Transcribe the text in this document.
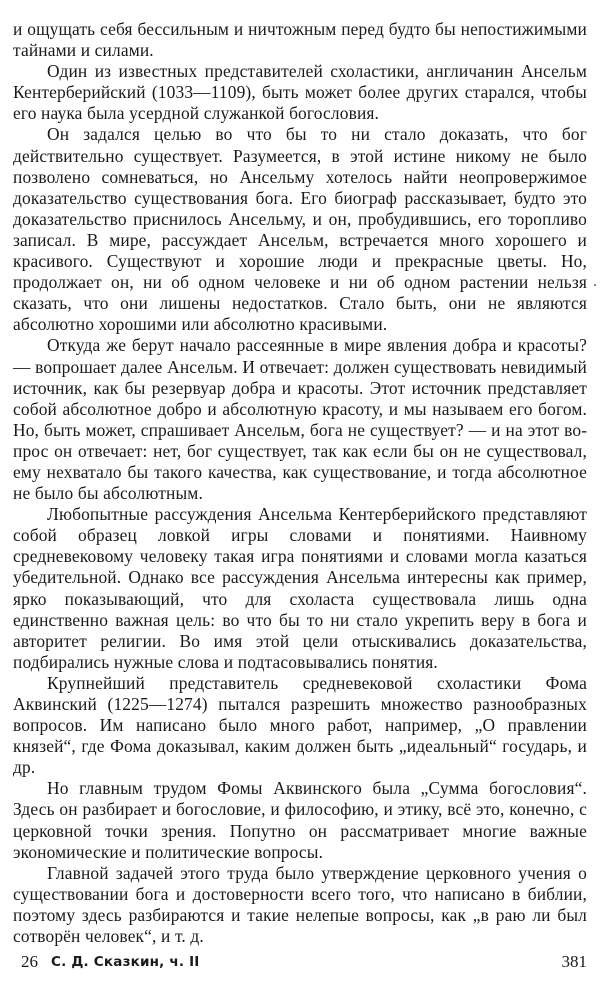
и ощущать себя бессильным и ничтожным перед будто бы непостижимыми тайнами и силами.

Один из известных представителей схоластики, англичанин Ансельм Кентерберийский (1033—1109), быть может более других старался, чтобы его наука была усердной служанкой богословия.

Он задался целью во что бы то ни стало доказать, что бог действительно существует. Разумеется, в этой истине никому не было позволено сомневаться, но Ансельму хотелось найти неопровержимое доказательство существования бога. Его биограф рассказывает, будто это доказательство приснилось Ансельму, и он, пробудившись, его торопливо записал. В мире, рассуждает Ансельм, встречается много хорошего и красивого. Существуют и хорошие люди и прекрасные цветы. Но, продолжает он, ни об одном человеке и ни об одном растении нельзя сказать, что они лишены недостатков. Стало быть, они не являются абсолютно хорошими или абсолютно красивыми.

Откуда же берут начало рассеянные в мире явления добра и красоты? — вопрошает далее Ансельм. И отвечает: должен существовать невидимый источник, как бы резервуар добра и красоты. Этот источник представляет собой абсолютное добро и абсолютную красоту, и мы называем его богом. Но, быть может, спрашивает Ансельм, бога не существует? — и на этот вопрос он отвечает: нет, бог существует, так как если бы он не существовал, ему нехватало бы такого качества, как существование, и тогда абсолютное не было бы абсолютным.

Любопытные рассуждения Ансельма Кентерберийского представляют собой образец ловкой игры словами и понятиями. Наивному средневековому человеку такая игра понятиями и словами могла казаться убедительной. Однако все рассуждения Ансельма интересны как пример, ярко показывающий, что для схоласта существовала лишь одна единственно важная цель: во что бы то ни стало укрепить веру в бога и авторитет религии. Во имя этой цели отыскивались доказательства, подбирались нужные слова и подтасовывались понятия.

Крупнейший представитель средневековой схоластики Фома Аквинский (1225—1274) пытался разрешить множество разнообразных вопросов. Им написано было много работ, например, „О правлении князей“, где Фома доказывал, каким должен быть „идеальный“ государь, и др.

Но главным трудом Фомы Аквинского была „Сумма богословия“. Здесь он разбирает и богословие, и философию, и этику, всё это, конечно, с церковной точки зрения. Попутно он рассматривает многие важные экономические и политические вопросы.

Главной задачей этого труда было утверждение церковного учения о существовании бога и достоверности всего того, что написано в библии, поэтому здесь разбираются и такие нелепые вопросы, как „в раю ли был сотворён человек“, и т. д.

26 С. Д. Сказкин, ч. II	381
